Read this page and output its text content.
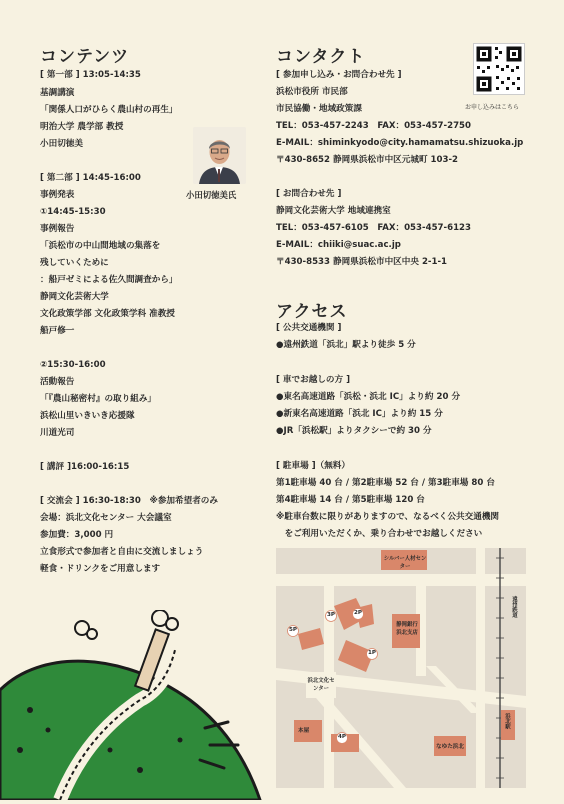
コンテンツ
[ 第一部 ] 13:05-14:35
基調講演
「関係人口がひらく農山村の再生」
明治大学 農学部 教授
小田切徳美
[ 第二部 ] 14:45-16:00
事例発表
①14:45-15:30
事例報告
「浜松市の中山間地域の集落を
残していくために
：船戸ゼミによる佐久間調査から」
静岡文化芸術大学
文化政策学部 文化政策学科 准教授
船戸修一
②15:30-16:00
活動報告
「『農山秘密村』の取り組み」
浜松山里いきいき応援隊
川道光司
[ 講評 ]16:00-16:15
[ 交流会 ] 16:30-18:30　※参加希望者のみ
会場：浜北文化センター 大会議室
参加費：3,000 円
立食形式で参加者と自由に交流しましょう
軽食・ドリンクをご用意します
小田切徳美氏
コンタクト
お申し込みはこちら
[ 参加申し込み・お問合わせ先 ]
浜松市役所 市民部
市民協働・地域政策課
TEL：053-457-2243　FAX：053-457-2750
E-MAIL：shiminkyodo@city.hamamatsu.shizuoka.jp
〒430-8652 静岡県浜松市中区元城町 103-2
[ お問合わせ先 ]
静岡文化芸術大学 地域連携室
TEL：053-457-6105　FAX：053-457-6123
E-MAIL：chiiki@suac.ac.jp
〒430-8533 静岡県浜松市中区中央 2-1-1
アクセス
[ 公共交通機関 ]
●遠州鉄道「浜北」駅より徒歩 5 分
[ 車でお越しの方 ]
●東名高速道路「浜松・浜北 IC」より約 20 分
●新東名高速道路「浜北 IC」より約 15 分
●JR「浜松駅」よりタクシーで約 30 分
[ 駐車場 ]（無料）
第1駐車場 40 台 / 第2駐車場 52 台 / 第3駐車場 80 台
第4駐車場 14 台 / 第5駐車場 120 台
※駐車台数に限りがありますので、なるべく公共交通機関
　をご利用いただくか、乗り合わせでお越しください
シルバー人材センター
遠州鉄道
静岡銀行浜北支店
3P	2P
5P
1P
4P
浜北文化センター
本屋
なゆた浜北
浜北駅
